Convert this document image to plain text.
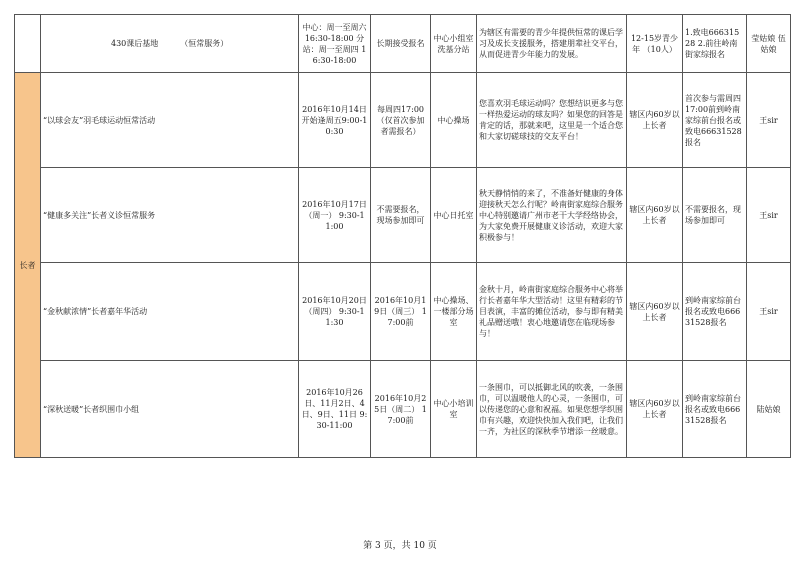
	430课后基地 （恒常服务）	中心：周一至周六 16:30-18:00 分站：周一至周四 16:30-18:00	长期接受报名	中心小组室 洗基分站	为辖区有需要的青少年提供恒常的课后学习及成长支援服务，搭建朋辈社交平台，从而促进青少年能力的发展。	12-15岁青少年 （10人）	1.致电66631528 2.前往岭南街家综报名	莹姑娘 伍姑娘
长者	“以球会友”羽毛球运动恒常活动	2016年10月14日开始逢周五9:00-10:30	每周四17:00（仅首次参加者需报名）	中心操场	您喜欢羽毛球运动吗？您想结识更多与您一样热爱运动的球友吗？如果您的回答是肯定的话，那就来吧，这里是一个适合您和大家切磋球技的交友平台！	辖区内60岁以上长者	首次参与需周四17:00前到岭南家综前台报名或致电66631528报名	王sir
	“健康多关注”长者义诊恒常服务	2016年10月17日（周一） 9:30-11:00	不需要报名，现场参加即可	中心日托室	秋天静悄悄的来了，不准备好健康的身体迎接秋天怎么行呢？岭南街家庭综合服务中心特别邀请广州市老干大学经络协会，为大家免费开展健康义诊活动，欢迎大家积极参与！	辖区内60岁以上长者	不需要报名，现场参加即可	王sir
	“金秋献浓情”长者嘉年华活动	2016年10月20日（周四） 9:30-11:30	2016年10月19日（周三） 17:00前	中心操场、一楼部分场室	金秋十月，岭南街家庭综合服务中心将举行长者嘉年华大型活动！这里有精彩的节目表演，丰富的摊位活动，参与即有精美礼品赠送哦！衷心地邀请您在临现场参与！	辖区内60岁以上长者	到岭南家综前台报名或致电66631528报名	王sir
	“深秋送暖”长者织围巾小组	2016年10月26日、11月2日、4日、9日、11日 9:30-11:00	2016年10月25日（周二） 17:00前	中心小培训室	一条围巾，可以抵御北风的吹袭，一条围巾，可以温暖他人的心灵，一条围巾，可以传递您的心意和祝福。如果您想学织围巾有兴趣，欢迎快快加入我们吧，让我们一齐，为社区的深秋季节增添一丝暖意。	辖区内60岁以上长者	到岭南家综前台报名或致电66631528报名	陆姑娘
第 3 页，共 10 页
